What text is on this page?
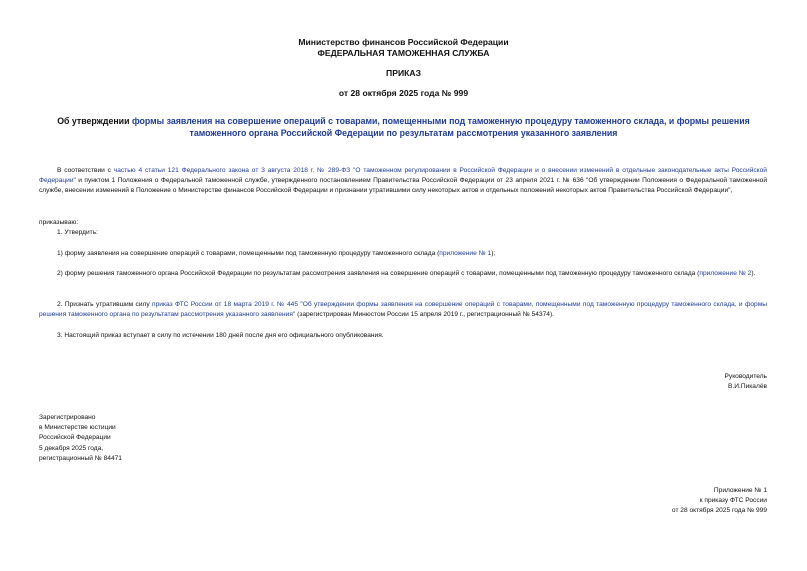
Министерство финансов Российской Федерации
ФЕДЕРАЛЬНАЯ ТАМОЖЕННАЯ СЛУЖБА
ПРИКАЗ
от 28 октября 2025 года № 999
Об утверждении формы заявления на совершение операций с товарами, помещенными под таможенную процедуру таможенного склада, и формы решения таможенного органа Российской Федерации по результатам рассмотрения указанного заявления
В соответствии с частью 4 статьи 121 Федерального закона от 3 августа 2018 г. № 289-ФЗ "О таможенном регулировании в Российской Федерации и о внесении изменений в отдельные законодательные акты Российской Федерации" и пунктом 1 Положения о Федеральной таможенной службе, утвержденного постановлением Правительства Российской Федерации от 23 апреля 2021 г. № 636 "Об утверждении Положения о Федеральной таможенной службе, внесении изменений в Положение о Министерстве финансов Российской Федерации и признании утратившими силу некоторых актов и отдельных положений некоторых актов Правительства Российской Федерации",
приказываю:
1. Утвердить:
1) форму заявления на совершение операций с товарами, помещенными под таможенную процедуру таможенного склада (приложение № 1);
2) форму решения таможенного органа Российской Федерации по результатам рассмотрения заявления на совершение операций с товарами, помещенными под таможенную процедуру таможенного склада (приложение № 2).
2. Признать утратившим силу приказ ФТС России от 18 марта 2019 г. № 445 "Об утверждении формы заявления на совершение операций с товарами, помещенными под таможенную процедуру таможенного склада, и формы решения таможенного органа по результатам рассмотрения указанного заявления" (зарегистрирован Минюстом России 15 апреля 2019 г., регистрационный № 54374).
3. Настоящий приказ вступает в силу по истечении 180 дней после дня его официального опубликования.
Руководитель
В.И.Пикалёв
Зарегистрировано
в Министерстве юстиции
Российской Федерации
5 декабря 2025 года,
регистрационный № 84471
Приложение № 1
к приказу ФТС России
от 28 октября 2025 года № 999
